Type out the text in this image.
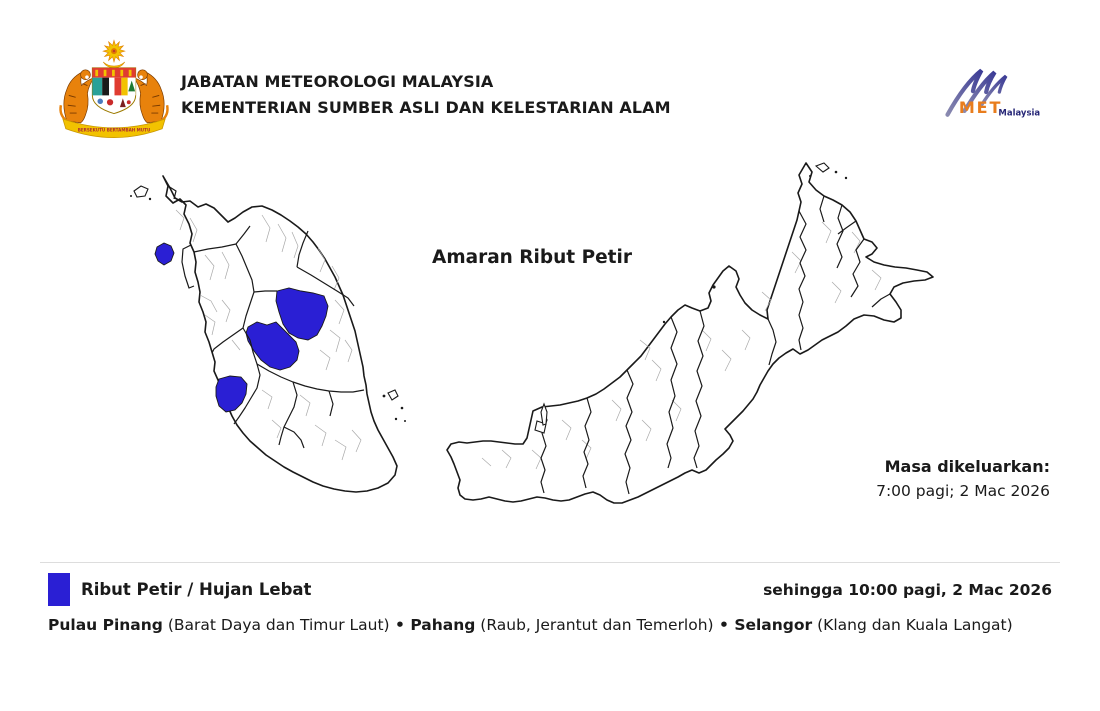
BERSEKUTU BERTAMBAH MUTU
JABATAN METEOROLOGI MALAYSIA
KEMENTERIAN SUMBER ASLI DAN KELESTARIAN ALAM	MET
Malaysia
Amaran Ribut Petir
Masa dikeluarkan:
7:00 pagi; 2 Mac 2026
Ribut Petir / Hujan Lebat	sehingga 10:00 pagi, 2 Mac 2026

Pulau Pinang (Barat Daya dan Timur Laut) • Pahang (Raub, Jerantut dan Temerloh) • Selangor (Klang dan Kuala Langat)
